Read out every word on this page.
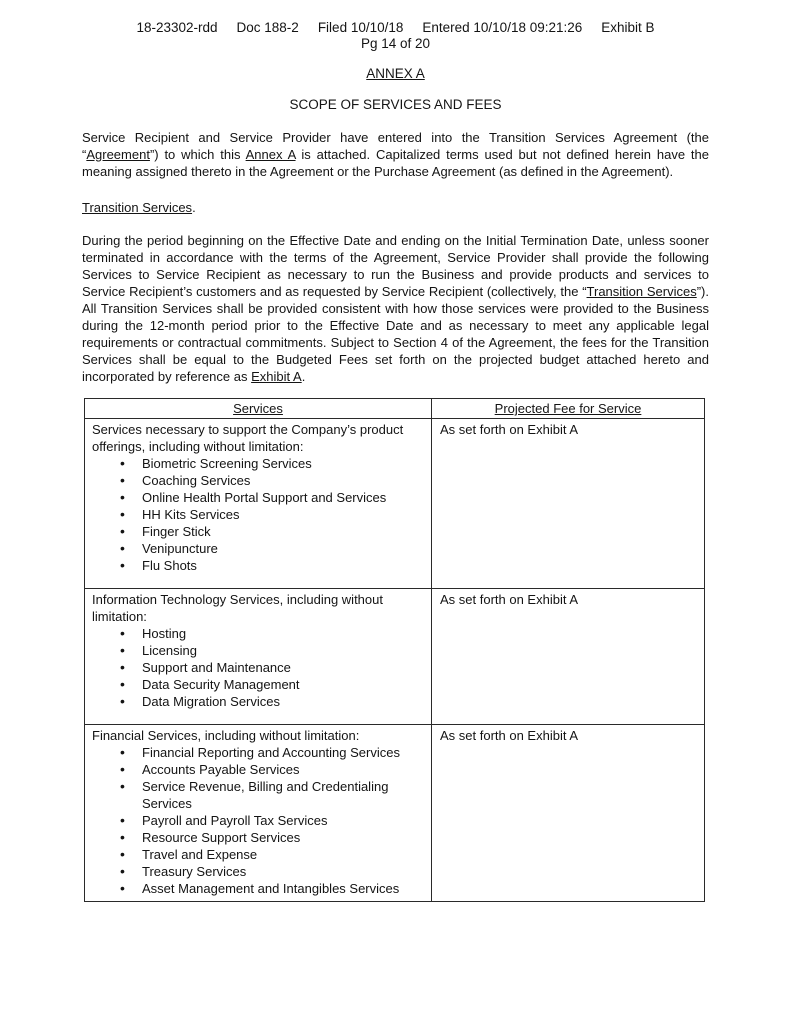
18-23302-rdd Doc 188-2 Filed 10/10/18 Entered 10/10/18 09:21:26 Exhibit B
Pg 14 of 20
ANNEX A
SCOPE OF SERVICES AND FEES

Service Recipient and Service Provider have entered into the Transition Services Agreement (the “Agreement”) to which this Annex A is attached. Capitalized terms used but not defined herein have the meaning assigned thereto in the Agreement or the Purchase Agreement (as defined in the Agreement).

Transition Services.

During the period beginning on the Effective Date and ending on the Initial Termination Date, unless sooner terminated in accordance with the terms of the Agreement, Service Provider shall provide the following Services to Service Recipient as necessary to run the Business and provide products and services to Service Recipient’s customers and as requested by Service Recipient (collectively, the “Transition Services”). All Transition Services shall be provided consistent with how those services were provided to the Business during the 12-month period prior to the Effective Date and as necessary to meet any applicable legal requirements or contractual commitments. Subject to Section 4 of the Agreement, the fees for the Transition Services shall be equal to the Budgeted Fees set forth on the projected budget attached hereto and incorporated by reference as Exhibit A.

Services	Projected Fee for Service

Services necessary to support the Company’s product offerings, including without limitation:
• Biometric Screening Services
• Coaching Services
• Online Health Portal Support and Services
• HH Kits Services
• Finger Stick
• Venipuncture
• Flu Shots
	As set forth on Exhibit A

Information Technology Services, including without limitation:
• Hosting
• Licensing
• Support and Maintenance
• Data Security Management
• Data Migration Services
	As set forth on Exhibit A

Financial Services, including without limitation:
• Financial Reporting and Accounting Services
• Accounts Payable Services
• Service Revenue, Billing and Credentialing Services
• Payroll and Payroll Tax Services
• Resource Support Services
• Travel and Expense
• Treasury Services
• Asset Management and Intangibles Services
	As set forth on Exhibit A
